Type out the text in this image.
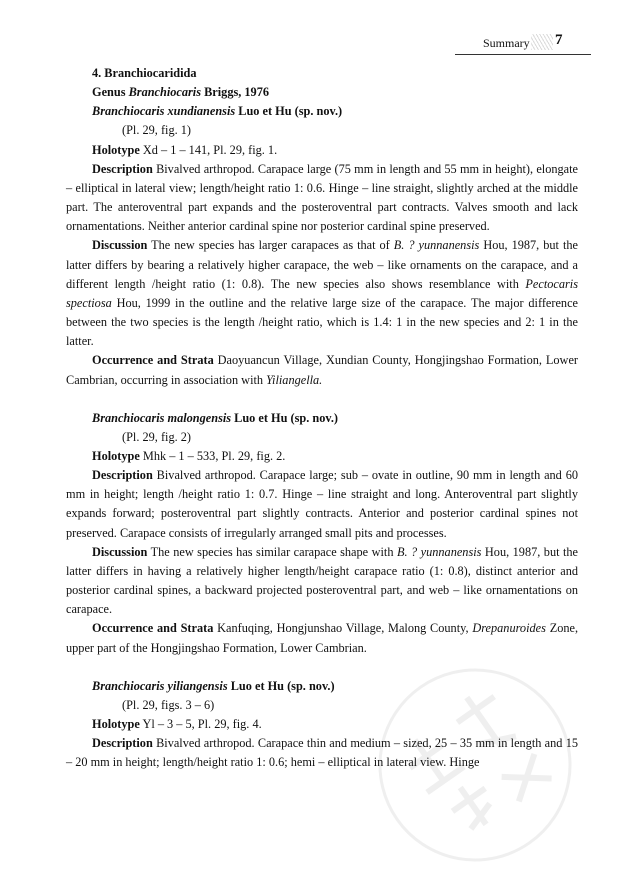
Summary 7

4. Branchiocaridida

Genus Branchiocaris Briggs, 1976

Branchiocaris xundianensis Luo et Hu (sp. nov.)

(Pl. 29, fig. 1)

Holotype Xd – 1 – 141, Pl. 29, fig. 1.

Description Bivalved arthropod. Carapace large (75 mm in length and 55 mm in height), elongate – elliptical in lateral view; length/height ratio 1: 0.6. Hinge – line straight, slightly arched at the middle part. The anteroventral part expands and the posteroventral part contracts. Valves smooth and lack ornamentations. Neither anterior cardinal spine nor posterior cardinal spine preserved.

Discussion The new species has larger carapaces as that of B. ? yunnanensis Hou, 1987, but the latter differs by bearing a relatively higher carapace, the web – like ornaments on the carapace, and a different length /height ratio (1: 0.8). The new species also shows resemblance with Pectocaris spectiosa Hou, 1999 in the outline and the relative large size of the carapace. The major difference between the two species is the length /height ratio, which is 1.4: 1 in the new species and 2: 1 in the latter.

Occurrence and Strata Daoyuancun Village, Xundian County, Hongjingshao Formation, Lower Cambrian, occurring in association with Yiliangella.

Branchiocaris malongensis Luo et Hu (sp. nov.)

(Pl. 29, fig. 2)

Holotype Mhk – 1 – 533, Pl. 29, fig. 2.

Description Bivalved arthropod. Carapace large; sub – ovate in outline, 90 mm in length and 60 mm in height; length /height ratio 1: 0.7. Hinge – line straight and long. Anteroventral part slightly expands forward; posteroventral part slightly contracts. Anterior and posterior cardinal spines not preserved. Carapace consists of irregularly arranged small pits and processes.

Discussion The new species has similar carapace shape with B. ? yunnanensis Hou, 1987, but the latter differs in having a relatively higher length/height carapace ratio (1: 0.8), distinct anterior and posterior cardinal spines, a backward projected posteroventral part, and web – like ornamentations on carapace.

Occurrence and Strata Kanfuqing, Hongjunshao Village, Malong County, Drepanuroides Zone, upper part of the Hongjingshao Formation, Lower Cambrian.

Branchiocaris yiliangensis Luo et Hu (sp. nov.)

(Pl. 29, figs. 3 – 6)

Holotype Yl – 3 – 5, Pl. 29, fig. 4.

Description Bivalved arthropod. Carapace thin and medium – sized, 25 – 35 mm in length and 15 – 20 mm in height; length/height ratio 1: 0.6; hemi – elliptical in lateral view. Hinge
